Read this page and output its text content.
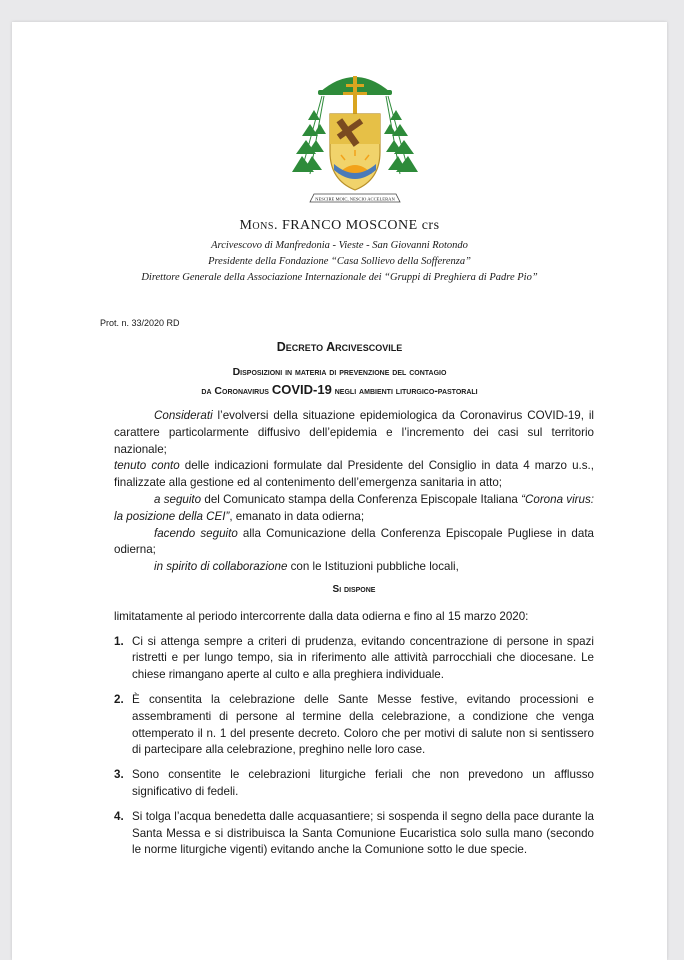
NESCIRE MOIC, NESCIO ACCELERAN

Mons. FRANCO MOSCONE crs

Arcivescovo di Manfredonia - Vieste - San Giovanni Rotondo

Presidente della Fondazione “Casa Sollievo della Sofferenza”

Direttore Generale della Associazione Internazionale dei “Gruppi di Preghiera di Padre Pio”

Prot. n. 33/2020 RD
Decreto Arcivescovile
Disposizioni in materia di prevenzione del contagio
da Coronavirus COVID-19 negli ambienti liturgico-pastorali

Considerati l’evolversi della situazione epidemiologica da Coronavirus COVID-19, il carattere particolarmente diffusivo dell’epidemia e l’incremento dei casi sul territorio nazionale;

tenuto conto delle indicazioni formulate dal Presidente del Consiglio in data 4 marzo u.s., finalizzate alla gestione ed al contenimento dell’emergenza sanitaria in atto;

a seguito del Comunicato stampa della Conferenza Episcopale Italiana “Corona virus: la posizione della CEI”, emanato in data odierna;

facendo seguito alla Comunicazione della Conferenza Episcopale Pugliese in data odierna;

in spirito di collaborazione con le Istituzioni pubbliche locali,

Si dispone

limitatamente al periodo intercorrente dalla data odierna e fino al 15 marzo 2020:

1. Ci si attenga sempre a criteri di prudenza, evitando concentrazione di persone in spazi ristretti e per lungo tempo, sia in riferimento alle attività parrocchiali che diocesane. Le chiese rimangano aperte al culto e alla preghiera individuale.
2. È consentita la celebrazione delle Sante Messe festive, evitando processioni e assembramenti di persone al termine della celebrazione, a condizione che venga ottemperato il n. 1 del presente decreto. Coloro che per motivi di salute non si sentissero di partecipare alla celebrazione, preghino nelle loro case.
3. Sono consentite le celebrazioni liturgiche feriali che non prevedono un afflusso significativo di fedeli.
4. Si tolga l’acqua benedetta dalle acquasantiere; si sospenda il segno della pace durante la Santa Messa e si distribuisca la Santa Comunione Eucaristica solo sulla mano (secondo le norme liturgiche vigenti) evitando anche la Comunione sotto le due specie.
